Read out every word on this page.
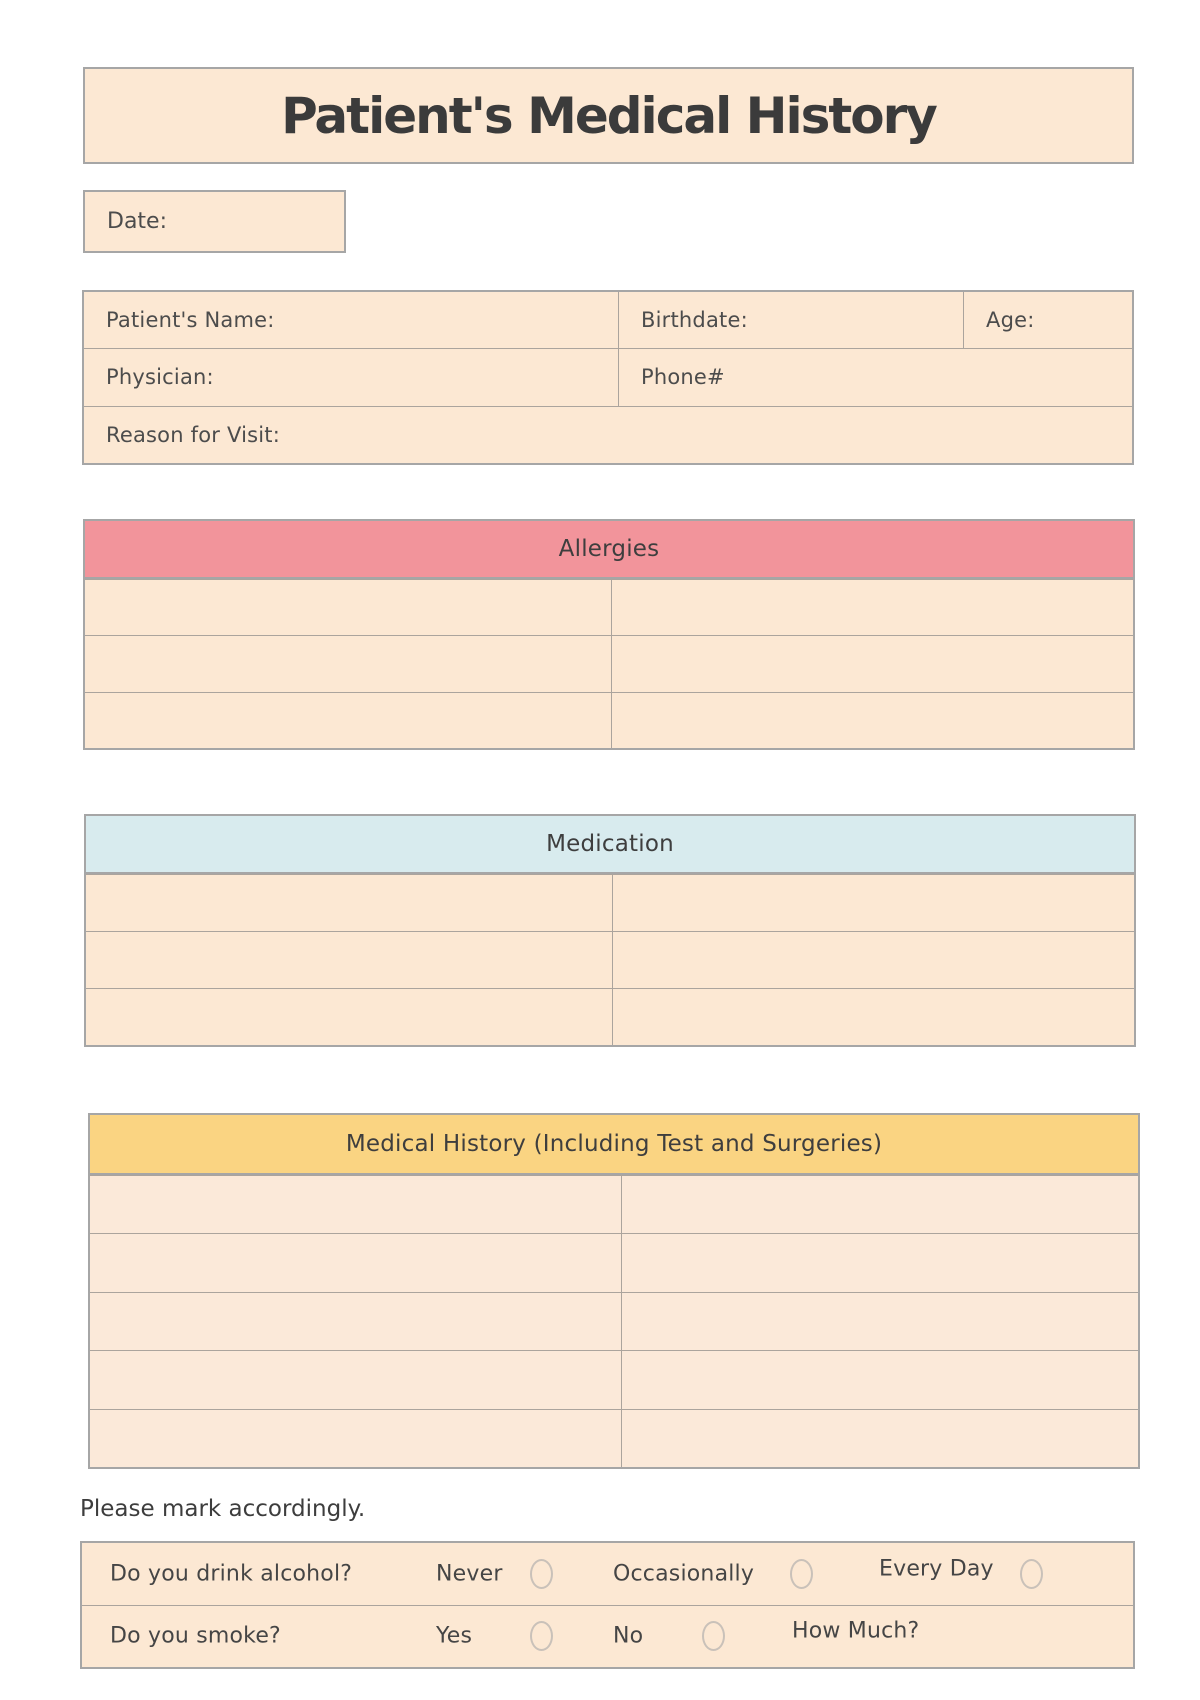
Patient's Medical History
Date:
Patient's Name:	Birthdate:	Age:
Physician:	Phone#
Reason for Visit:
Allergies
Medication
Medical History (Including Test and Surgeries)
Please mark accordingly.
Do you drink alcohol?	Never	Occasionally	Every Day
Do you smoke?	Yes	No	How Much?
